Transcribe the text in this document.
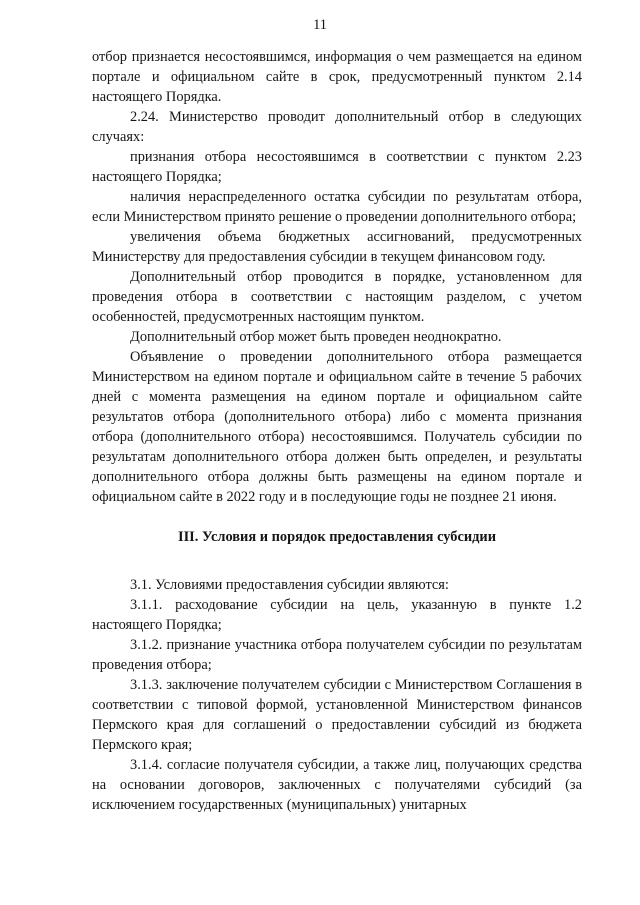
11

отбор признается несостоявшимся, информация о чем размещается на едином портале и официальном сайте в срок, предусмотренный пунктом 2.14 настоящего Порядка.

2.24. Министерство проводит дополнительный отбор в следующих случаях:

признания отбора несостоявшимся в соответствии с пунктом 2.23 настоящего Порядка;

наличия нераспределенного остатка субсидии по результатам отбора, если Министерством принято решение о проведении дополнительного отбора;

увеличения объема бюджетных ассигнований, предусмотренных Министерству для предоставления субсидии в текущем финансовом году.

Дополнительный отбор проводится в порядке, установленном для проведения отбора в соответствии с настоящим разделом, с учетом особенностей, предусмотренных настоящим пунктом.

Дополнительный отбор может быть проведен неоднократно.

Объявление о проведении дополнительного отбора размещается Министерством на едином портале и официальном сайте в течение 5 рабочих дней с момента размещения на едином портале и официальном сайте результатов отбора (дополнительного отбора) либо с момента признания отбора (дополнительного отбора) несостоявшимся. Получатель субсидии по результатам дополнительного отбора должен быть определен, и результаты дополнительного отбора должны быть размещены на едином портале и официальном сайте в 2022 году и в последующие годы не позднее 21 июня.

III. Условия и порядок предоставления субсидии

3.1. Условиями предоставления субсидии являются:

3.1.1. расходование субсидии на цель, указанную в пункте 1.2 настоящего Порядка;

3.1.2. признание участника отбора получателем субсидии по результатам проведения отбора;

3.1.3. заключение получателем субсидии с Министерством Соглашения в соответствии с типовой формой, установленной Министерством финансов Пермского края для соглашений о предоставлении субсидий из бюджета Пермского края;

3.1.4. согласие получателя субсидии, а также лиц, получающих средства на основании договоров, заключенных с получателями субсидий (за исключением государственных (муниципальных) унитарных
